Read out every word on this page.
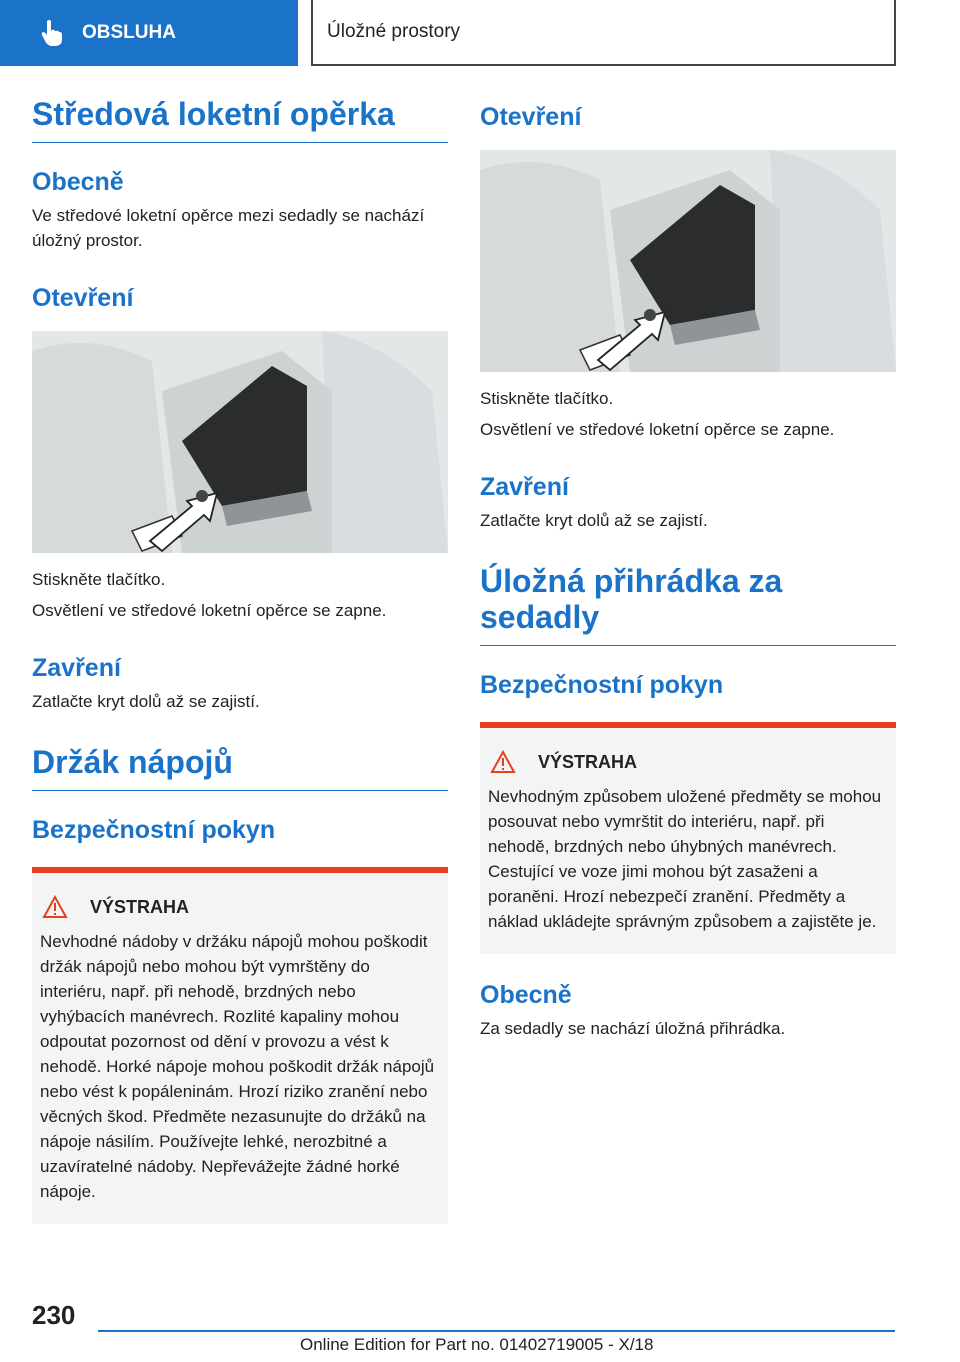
OBSLUHA	Úložné prostory
Středová loketní opěrka
Obecně

Ve středové loketní opěrce mezi sedadly se nachází úložný prostor.

Otevření

Stiskněte tlačítko.

Osvětlení ve středové loketní opěrce se zapne.

Zavření

Zatlačte kryt dolů až se zajistí.

Držák nápojů
Bezpečnostní pokyn
VÝSTRAHA

Nevhodné nádoby v držáku nápojů mohou poškodit držák nápojů nebo mohou být vymrštěny do interiéru, např. při nehodě, brzdných nebo vyhýbacích manévrech. Rozlité kapaliny mohou odpoutat pozornost od dění v provozu a vést k nehodě. Horké nápoje mohou poškodit držák nápojů nebo vést k popáleninám. Hrozí riziko zranění nebo věcných škod. Předměte nezasunujte do držáků na nápoje násilím. Používejte lehké, nerozbitné a uzavíratelné nádoby. Nepřevážejte žádné horké nápoje.

Otevření

Stiskněte tlačítko.

Osvětlení ve středové loketní opěrce se zapne.

Zavření

Zatlačte kryt dolů až se zajistí.

Úložná přihrádka za sedadly
Bezpečnostní pokyn
VÝSTRAHA

Nevhodným způsobem uložené předměty se mohou posouvat nebo vymrštit do interiéru, např. při nehodě, brzdných nebo úhybných manévrech. Cestující ve voze jimi mohou být zasaženi a poraněni. Hrozí nebezpečí zranění. Předměty a náklad ukládejte správným způsobem a zajistěte je.

Obecně

Za sedadly se nachází úložná přihrádka.

230
Online Edition for Part no. 01402719005 - X/18
